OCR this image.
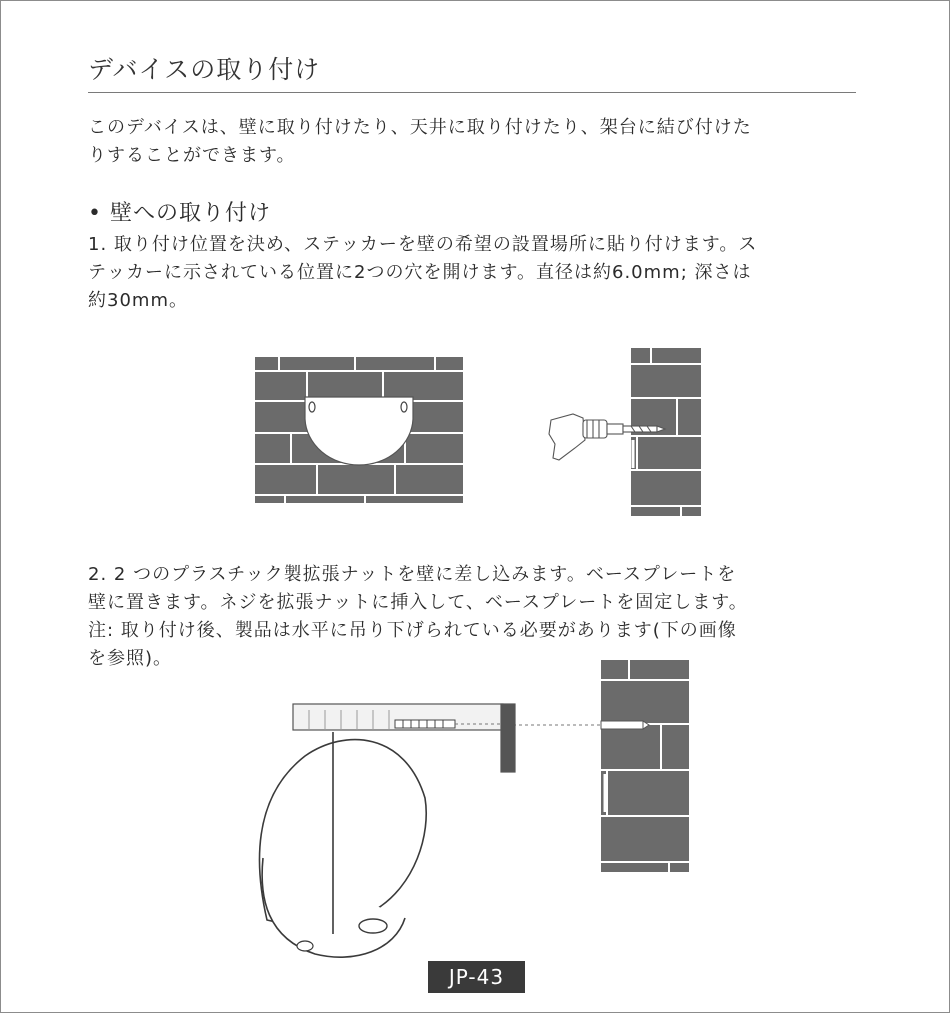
デバイスの取り付け
このデバイスは、壁に取り付けたり、天井に取り付けたり、架台に結び付けた
りすることができます。
• 壁への取り付け
1. 取り付け位置を決め、ステッカーを壁の希望の設置場所に貼り付けます。ス
テッカーに示されている位置に2つの穴を開けます。直径は約6.0mm; 深さは
約30mm。
2. 2 つのプラスチック製拡張ナットを壁に差し込みます。ベースプレートを
壁に置きます。ネジを拡張ナットに挿入して、ベースプレートを固定します。
注: 取り付け後、製品は水平に吊り下げられている必要があります(下の画像
を参照)。
JP-43
